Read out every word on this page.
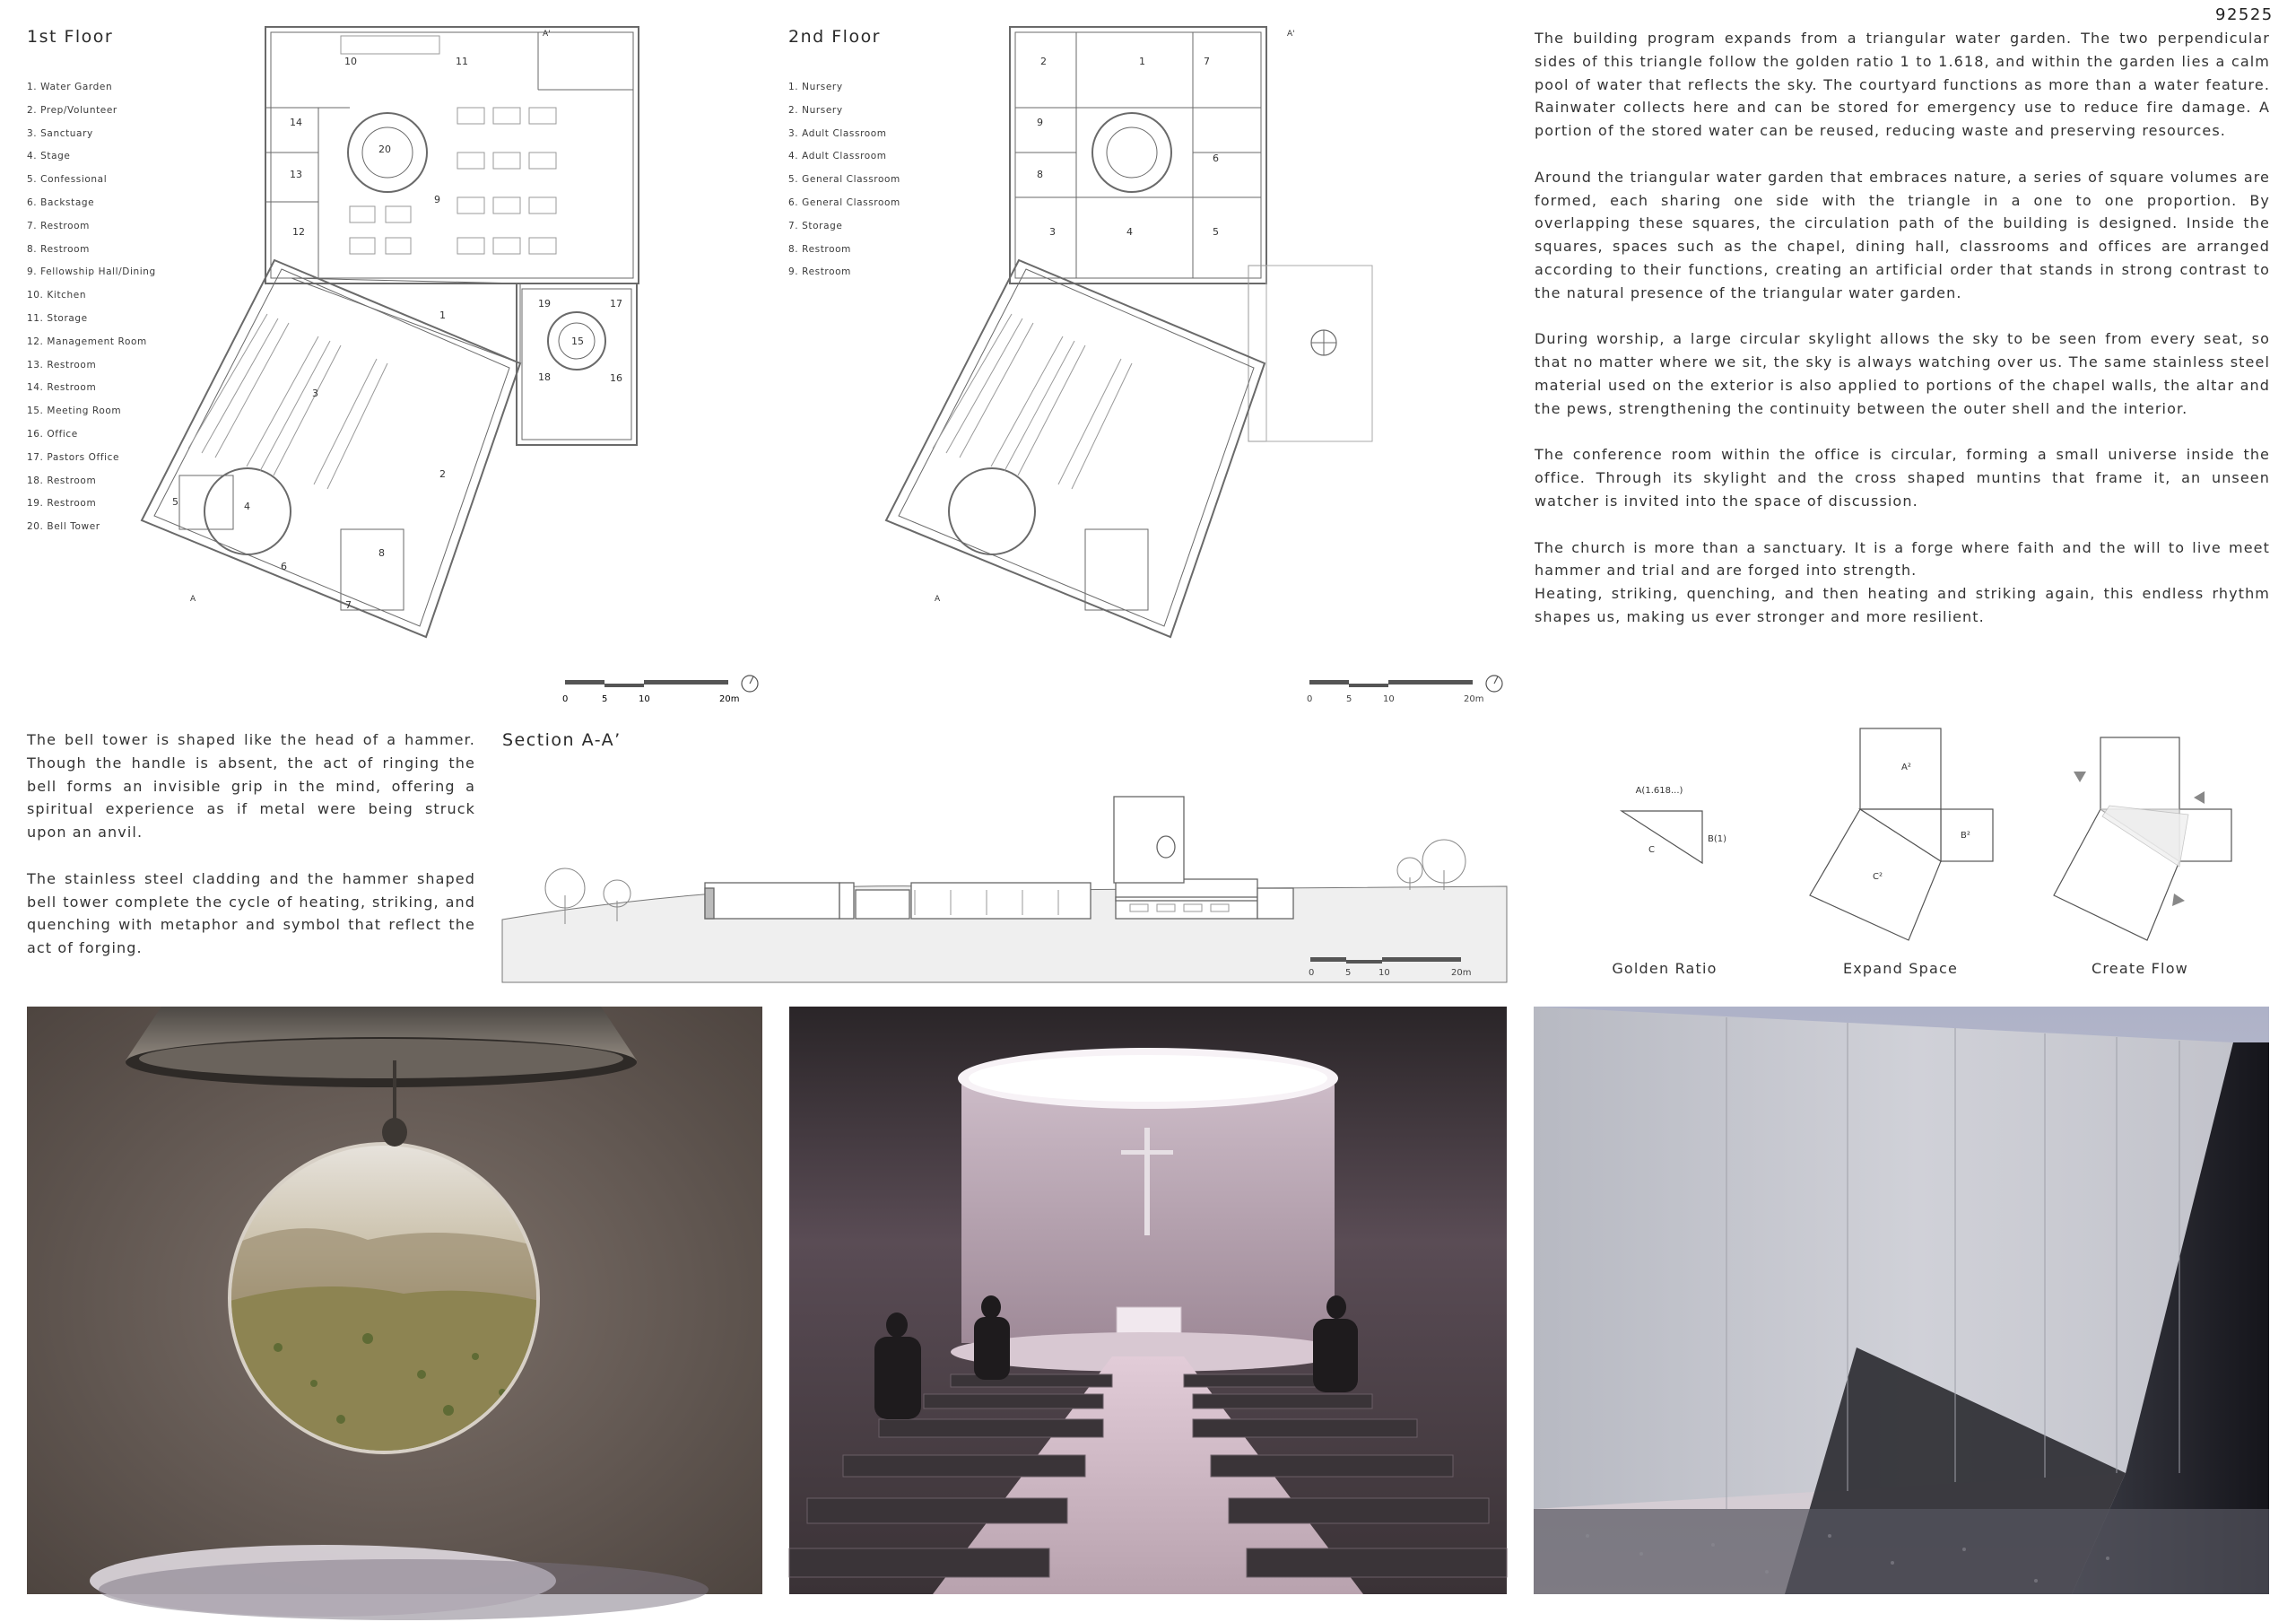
92525
1st Floor
1. Water Garden
2. Prep/Volunteer
3. Sanctuary
4. Stage
5. Confessional
6. Backstage
7. Restroom
8. Restroom
9. Fellowship Hall/Dining
10. Kitchen
11. Storage
12. Management Room
13. Restroom
14. Restroom
15. Meeting Room
16. Office
17. Pastors Office
18. Restroom
19. Restroom
20. Bell Tower
1
2
3
4
5
6
7
8
9
10	11
12
13
14
15
16
17
18
19
20
A'
A
0	5	10	20m
2nd Floor
1. Nursery
2. Nursery
3. Adult Classroom
4. Adult Classroom
5. General Classroom
6. General Classroom
7. Storage
8. Restroom
9. Restroom
1
2
3	4	5
6
7
8
9
A'
A
0	5	10	20m

The building program expands from a triangular water garden. The two perpendicular sides of this triangle follow the golden ratio 1 to 1.618, and within the garden lies a calm pool of water that reflects the sky. The courtyard functions as more than a water feature. Rainwater collects here and can be stored for emergency use to reduce fire damage. A portion of the stored water can be reused, reducing waste and preserving resources.

Around the triangular water garden that embraces nature, a series of square volumes are formed, each sharing one side with the triangle in a one to one proportion. By overlapping these squares, the circulation path of the building is designed. Inside the squares, spaces such as the chapel, dining hall, classrooms and offices are arranged according to their functions, creating an artificial order that stands in strong contrast to the natural presence of the triangular water garden.

During worship, a large circular skylight allows the sky to be seen from every seat, so that no matter where we sit, the sky is always watching over us. The same stainless steel material used on the exterior is also applied to portions of the chapel walls, the altar and the pews, strengthening the continuity between the outer shell and the interior.

The conference room within the office is circular, forming a small universe inside the office. Through its skylight and the cross shaped muntins that frame it, an unseen watcher is invited into the space of discussion.

The church is more than a sanctuary. It is a forge where faith and the will to live meet hammer and trial and are forged into strength.

Heating, striking, quenching, and then heating and striking again, this endless rhythm shapes us, making us ever stronger and more resilient.

The bell tower is shaped like the head of a hammer. Though the handle is absent, the act of ringing the bell forms an invisible grip in the mind, offering a spiritual experience as if metal were being struck upon an anvil.

The stainless steel cladding and the hammer shaped bell tower complete the cycle of heating, striking, and quenching with metaphor and symbol that reflect the act of forging.

Section A-A’
0	5	10	20m
A(1.618...)
B(1)
C
Golden Ratio
A²
B²
C²
Expand Space	Create Flow
